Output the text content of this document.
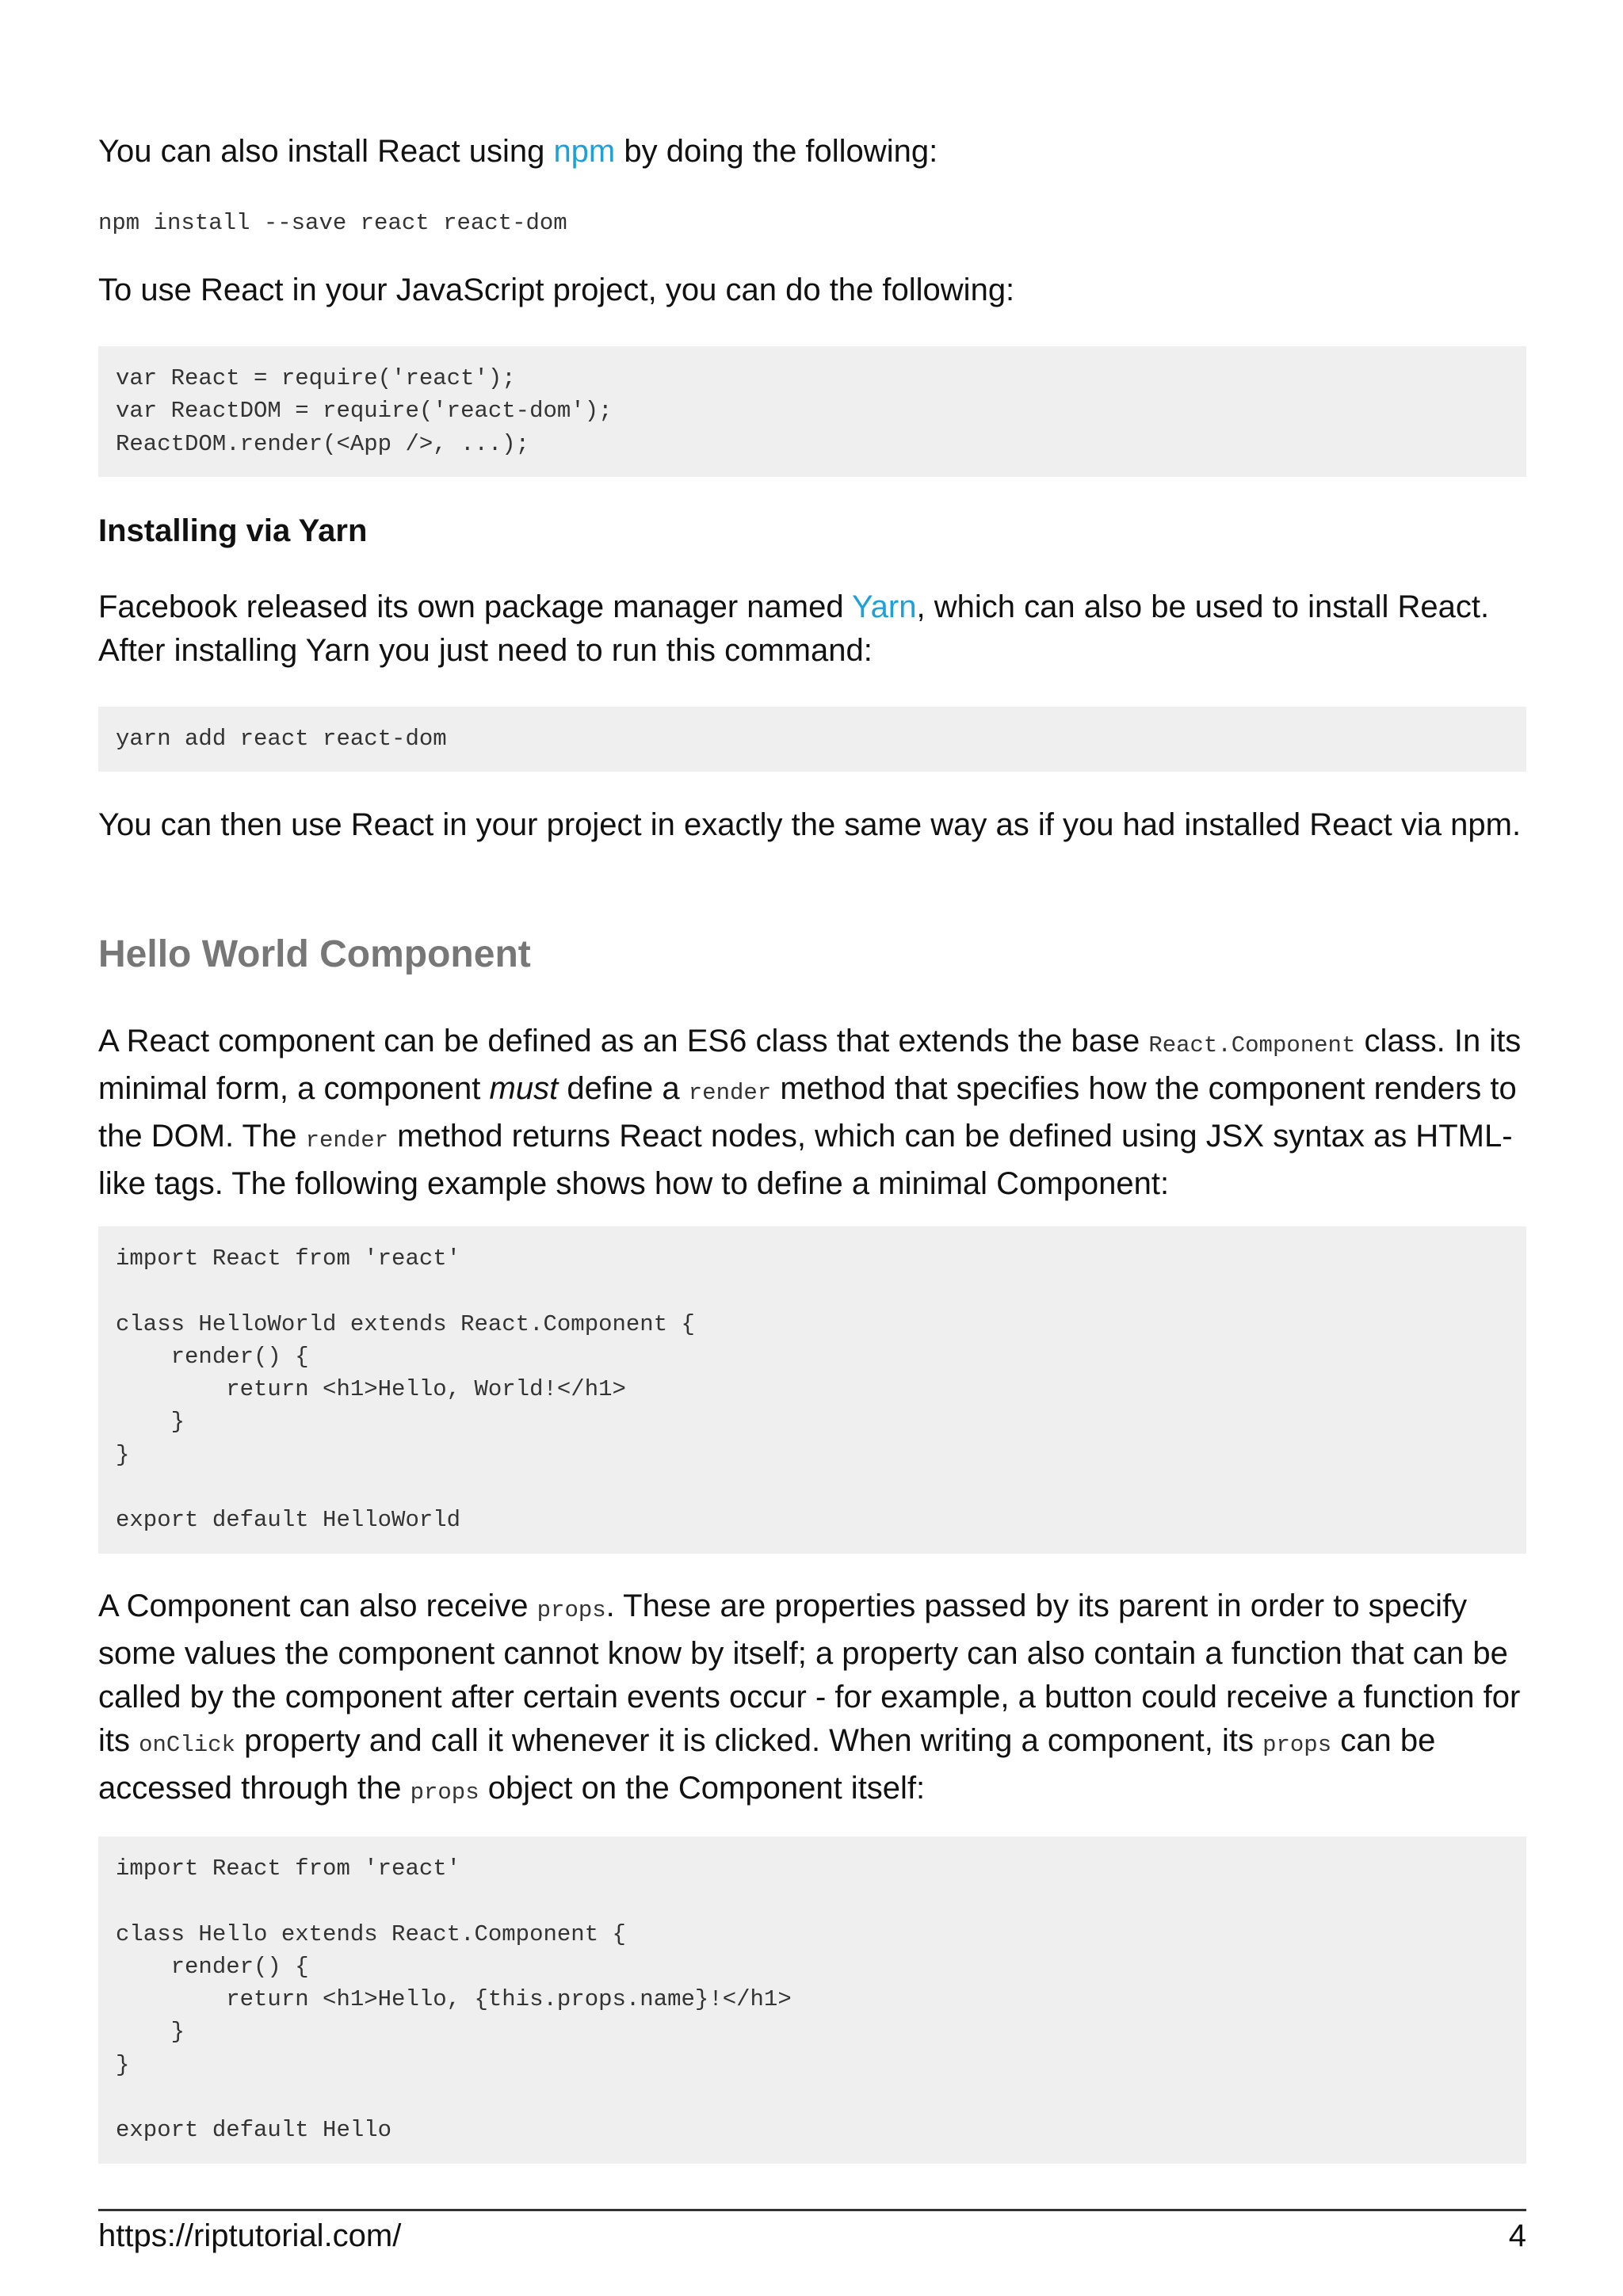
You can also install React using npm by doing the following:

npm install --save react react-dom

To use React in your JavaScript project, you can do the following:

var React = require('react');
var ReactDOM = require('react-dom');
ReactDOM.render(<App />, ...);
Installing via Yarn

Facebook released its own package manager named Yarn, which can also be used to install React. After installing Yarn you just need to run this command:

yarn add react react-dom

You can then use React in your project in exactly the same way as if you had installed React via npm.

Hello World Component

A React component can be defined as an ES6 class that extends the base React.Component class. In its minimal form, a component must define a render method that specifies how the component renders to the DOM. The render method returns React nodes, which can be defined using JSX syntax as HTML-like tags. The following example shows how to define a minimal Component:

import React from 'react'

class HelloWorld extends React.Component {
render() {
return <h1>Hello, World!</h1>
}
}

export default HelloWorld

A Component can also receive props. These are properties passed by its parent in order to specify some values the component cannot know by itself; a property can also contain a function that can be called by the component after certain events occur - for example, a button could receive a function for its onClick property and call it whenever it is clicked. When writing a component, its props can be accessed through the props object on the Component itself:

import React from 'react'

class Hello extends React.Component {
render() {
return <h1>Hello, {this.props.name}!</h1>
}
}

export default Hello
https://riptutorial.com/	4
